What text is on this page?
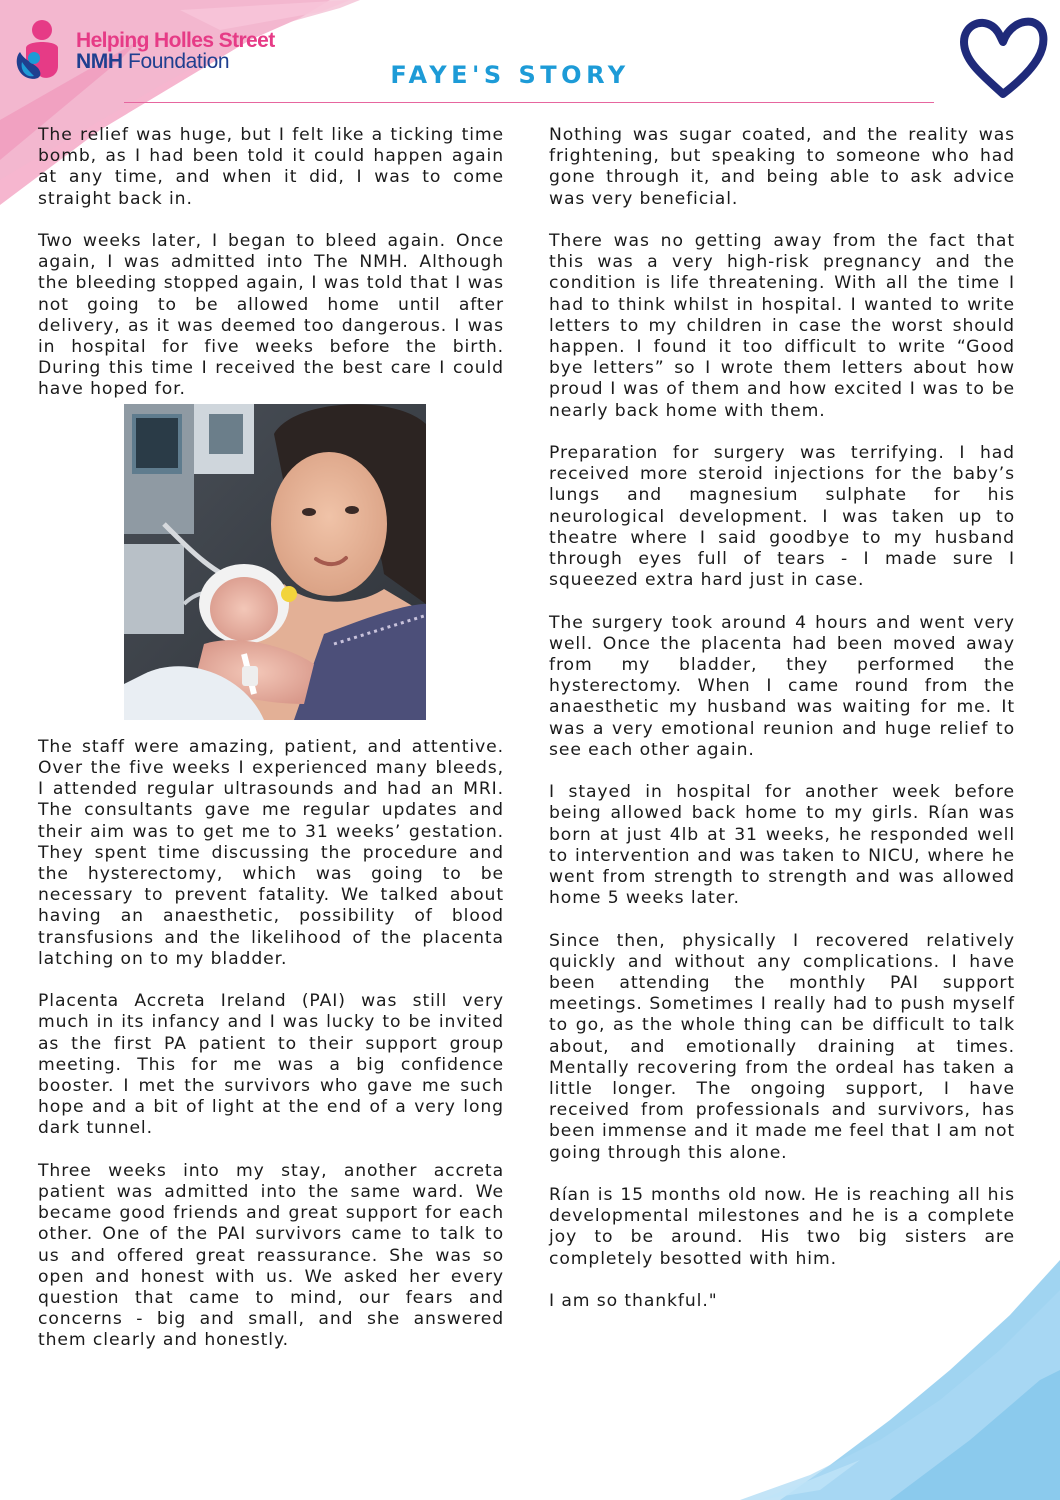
Helping Holles Street
NMH Foundation	FAYE'S STORY

The relief was huge, but I felt like a ticking time bomb, as I had been told it could happen again at any time, and when it did, I was to come straight back in.

Two weeks later, I began to bleed again. Once again, I was admitted into The NMH. Although the bleeding stopped again, I was told that I was not going to be allowed home until after delivery, as it was deemed too dangerous. I was in hospital for five weeks before the birth. During this time I received the best care I could have hoped for.

The staff were amazing, patient, and attentive. Over the five weeks I experienced many bleeds, I attended regular ultrasounds and had an MRI. The consultants gave me regular updates and their aim was to get me to 31 weeks’ gestation. They spent time discussing the procedure and the hysterectomy, which was going to be necessary to prevent fatality. We talked about having an anaesthetic, possibility of blood transfusions and the likelihood of the placenta latching on to my bladder.

Placenta Accreta Ireland (PAI) was still very much in its infancy and I was lucky to be invited as the first PA patient to their support group meeting. This for me was a big confidence booster. I met the survivors who gave me such hope and a bit of light at the end of a very long dark tunnel.

Three weeks into my stay, another accreta patient was admitted into the same ward. We became good friends and great support for each other. One of the PAI survivors came to talk to us and offered great reassurance. She was so open and honest with us. We asked her every question that came to mind, our fears and concerns - big and small, and she answered them clearly and honestly.

Nothing was sugar coated, and the reality was frightening, but speaking to someone who had gone through it, and being able to ask advice was very beneficial.

There was no getting away from the fact that this was a very high-risk pregnancy and the condition is life threatening. With all the time I had to think whilst in hospital. I wanted to write letters to my children in case the worst should happen. I found it too difficult to write “Good bye letters” so I wrote them letters about how proud I was of them and how excited I was to be nearly back home with them.

Preparation for surgery was terrifying. I had received more steroid injections for the baby’s lungs and magnesium sulphate for his neurological development. I was taken up to theatre where I said goodbye to my husband through eyes full of tears - I made sure I squeezed extra hard just in case.

The surgery took around 4 hours and went very well. Once the placenta had been moved away from my bladder, they performed the hysterectomy. When I came round from the anaesthetic my husband was waiting for me. It was a very emotional reunion and huge relief to see each other again.

I stayed in hospital for another week before being allowed back home to my girls. Rían was born at just 4lb at 31 weeks, he responded well to intervention and was taken to NICU, where he went from strength to strength and was allowed home 5 weeks later.

Since then, physically I recovered relatively quickly and without any complications. I have been attending the monthly PAI support meetings. Sometimes I really had to push myself to go, as the whole thing can be difficult to talk about, and emotionally draining at times. Mentally recovering from the ordeal has taken a little longer. The ongoing support, I have received from professionals and survivors, has been immense and it made me feel that I am not going through this alone.

Rían is 15 months old now. He is reaching all his developmental milestones and he is a complete joy to be around. His two big sisters are completely besotted with him.

I am so thankful."
